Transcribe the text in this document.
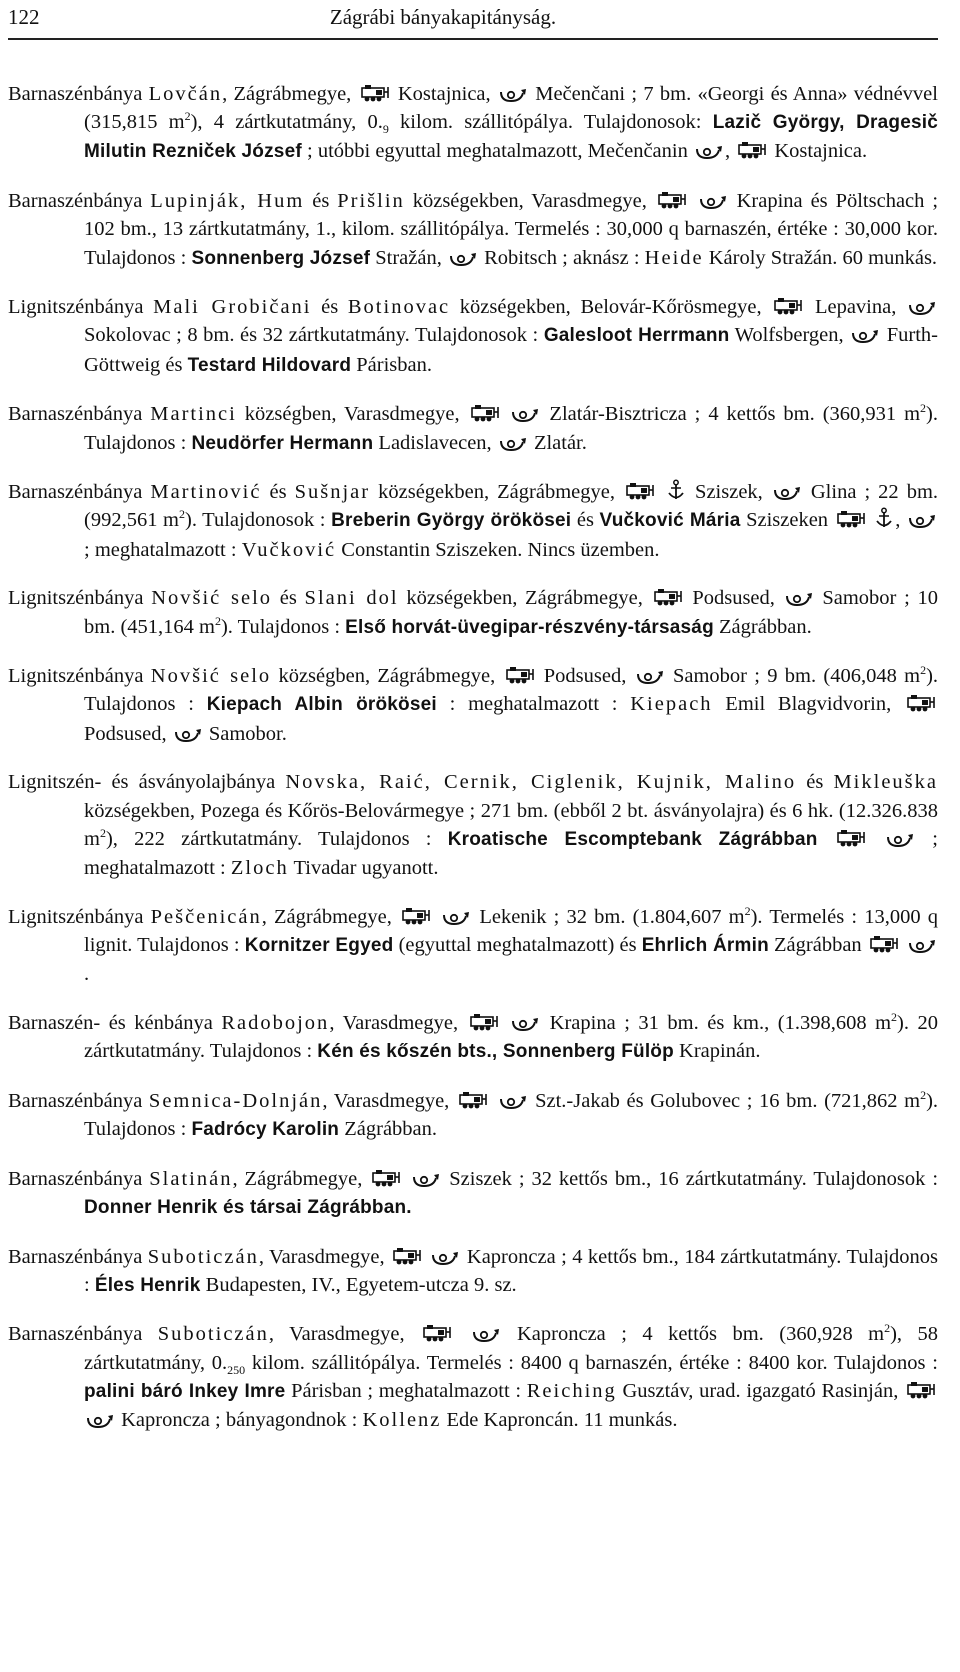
122	Zágrábi bányakapitányság.

Barnaszénbánya Lovčán, Zágrábmegye,
Kostajnica,
Mečenčani ; 7 bm. «Georgi és Anna» védnévvel (315,815 $m^2$), 4 zártkutatmány, $0._9$ kilom. szállitópálya. Tulajdonosok: Lazič György, Dragesič Milutin Rezniček József ; utóbbi egyuttal meghatalmazott, Mečenčanin
,
Kostajnica.

Barnaszénbánya Lupinják, Hum és Prišlin községekben, Varasdmegye,
	Krapina és Pöltschach ; 102 bm., 13 zártkutatmány, 1., kilom. szállitópálya. Termelés : 30,000 q barnaszén, értéke : 30,000 kor. Tulajdonos : Sonnenberg József Stražán,
Robitsch ; aknász : Heide Károly Stražán. 60 munkás.

Lignitszénbánya Mali Grobičani és Botinovac községekben, Belovár-Kőrösmegye,
Lepavina,
Sokolovac ; 8 bm. és 32 zártkutatmány. Tulajdonosok : Galesloot Herrmann Wolfsbergen,
Furth-Göttweig és Testard Hildovard Párisban.

Barnaszénbánya Martinci községben, Varasdmegye,
	Zlatár-Bisztricza ; 4 kettős bm. (360,931 $m^2$). Tulajdonos : Neudörfer Hermann Ladislavecen,
Zlatár.

Barnaszénbánya Martinović és Sušnjar községekben, Zágrábmegye,
	Sziszek,
Glina ; 22 bm. (992,561 $m^2$). Tulajdonosok : Breberin György örökösei és Vučković Mária Sziszeken
	,
; meghatalmazott : Vučković Constantin Sziszeken. Nincs üzemben.

Lignitszénbánya Novšić selo és Slani dol községekben, Zágrábmegye,
Podsused,
Samobor ; 10 bm. (451,164 $m^2$). Tulajdonos : Első horvát-üvegipar-részvény-társaság Zágrábban.

Lignitszénbánya Novšić selo községben, Zágrábmegye,
Podsused,
Samobor ; 9 bm. (406,048 $m^2$). Tulajdonos : Kiepach Albin örökösei : meghatalmazott : Kiepach Emil Blagvidvorin,
Podsused,
Samobor.

Lignitszén- és ásványolajbánya Novska, Raić, Cernik, Ciglenik, Kujnik, Malino és Mikleuška községekben, Pozega és Kőrös-Belovármegye ; 271 bm. (ebből 2 bt. ásványolajra) és 6 hk. (12.326.838 $m^2$), 222 zártkutatmány. Tulajdonos : Kroatische Escomptebank Zágrábban
	; meghatalmazott : Zloch Tivadar ugyanott.

Lignitszénbánya Peščenicán, Zágrábmegye,
	Lekenik ; 32 bm. (1.804,607 $m^2$). Termelés : 13,000 q lignit. Tulajdonos : Kornitzer Egyed (egyuttal meghatalmazott) és Ehrlich Ármin Zágrábban

.

Barnaszén- és kénbánya Radobojon, Varasdmegye,
	Krapina ; 31 bm. és km., (1.398,608 $m^2$). 20 zártkutatmány. Tulajdonos : Kén és kőszén bts., Sonnenberg Fülöp Krapinán.

Barnaszénbánya Semnica-Dolnján, Varasdmegye,
	Szt.-Jakab és Golubovec ; 16 bm. (721,862 $m^2$). Tulajdonos : Fadrócy Karolin Zágrábban.

Barnaszénbánya Slatinán, Zágrábmegye,
	Sziszek ; 32 kettős bm., 16 zártkutatmány. Tulajdonosok : Donner Henrik és társai Zágrábban.

Barnaszénbánya Suboticzán, Varasdmegye,
	Kaproncza ; 4 kettős bm., 184 zártkutatmány. Tulajdonos : Éles Henrik Budapesten, IV., Egyetem-utcza 9. sz.

Barnaszénbánya Suboticzán, Varasdmegye,
	Kaproncza ; 4 kettős bm. (360,928 $m^2$), 58 zártkutatmány, $0._{250}$ kilom. szállitópálya. Termelés : 8400 q barnaszén, értéke : 8400 kor. Tulajdonos : palini báró Inkey Imre Párisban ; meghatalmazott : Reiching Gusztáv, urad. igazgató Rasinján,

Kaproncza ; bányagondnok : Kollenz Ede Kaproncán. 11 munkás.
